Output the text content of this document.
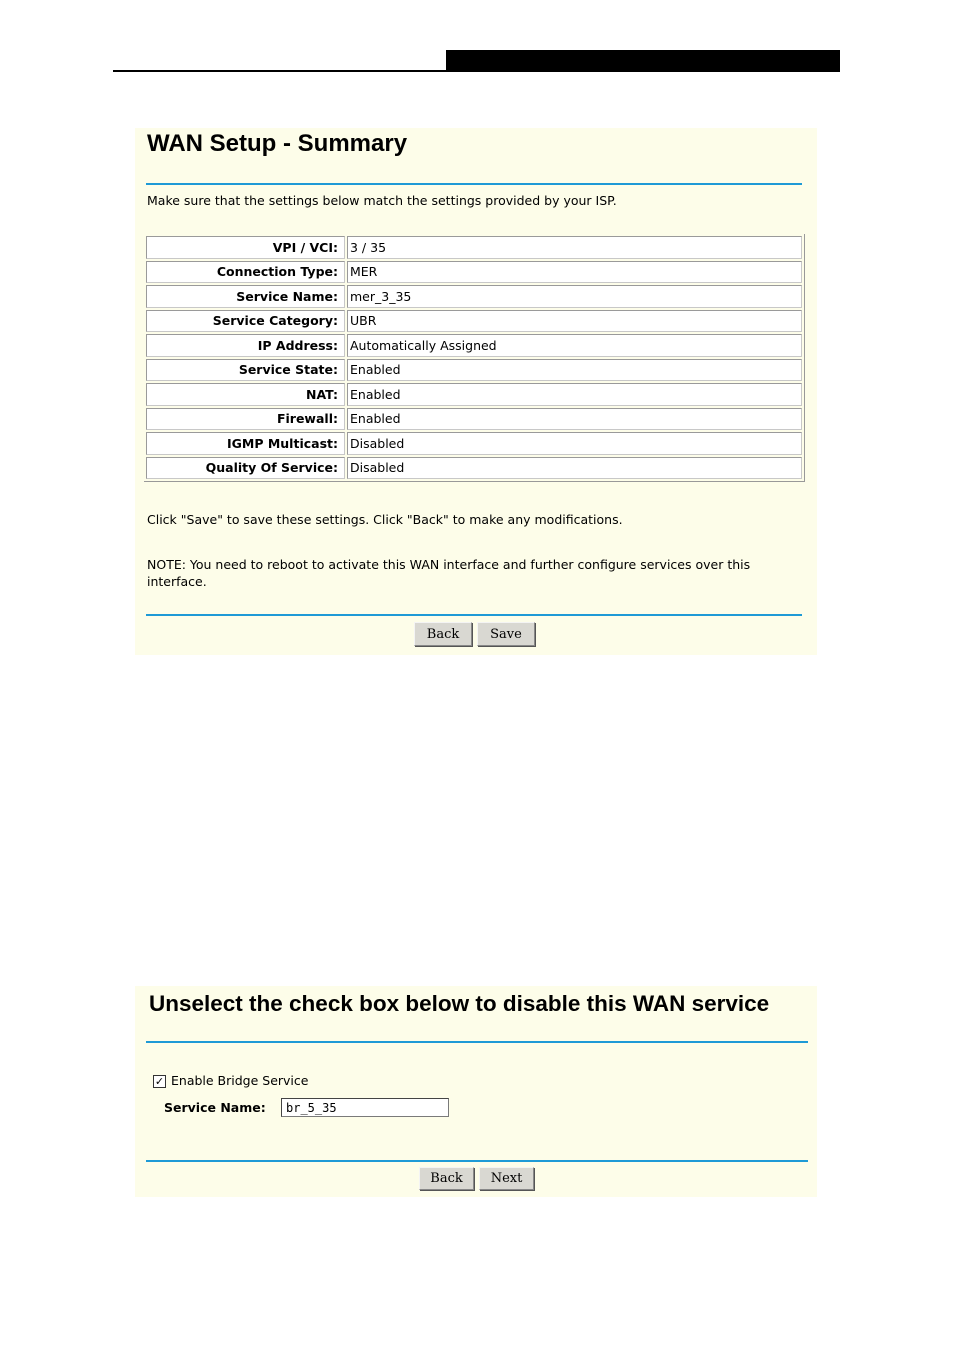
WAN Setup - Summary
Make sure that the settings below match the settings provided by your ISP.
VPI / VCI:	3 / 35
Connection Type:	MER
Service Name:	mer_3_35
Service Category:	UBR
IP Address:	Automatically Assigned
Service State:	Enabled
NAT:	Enabled
Firewall:	Enabled
IGMP Multicast:	Disabled
Quality Of Service:	Disabled
Click "Save" to save these settings. Click "Back" to make any modifications.
NOTE: You need to reboot to activate this WAN interface and further configure services over this interface.
Back	Save
Unselect the check box below to disable this WAN service
✓ Enable Bridge Service
Service Name:
br_5_35
Back	Next
